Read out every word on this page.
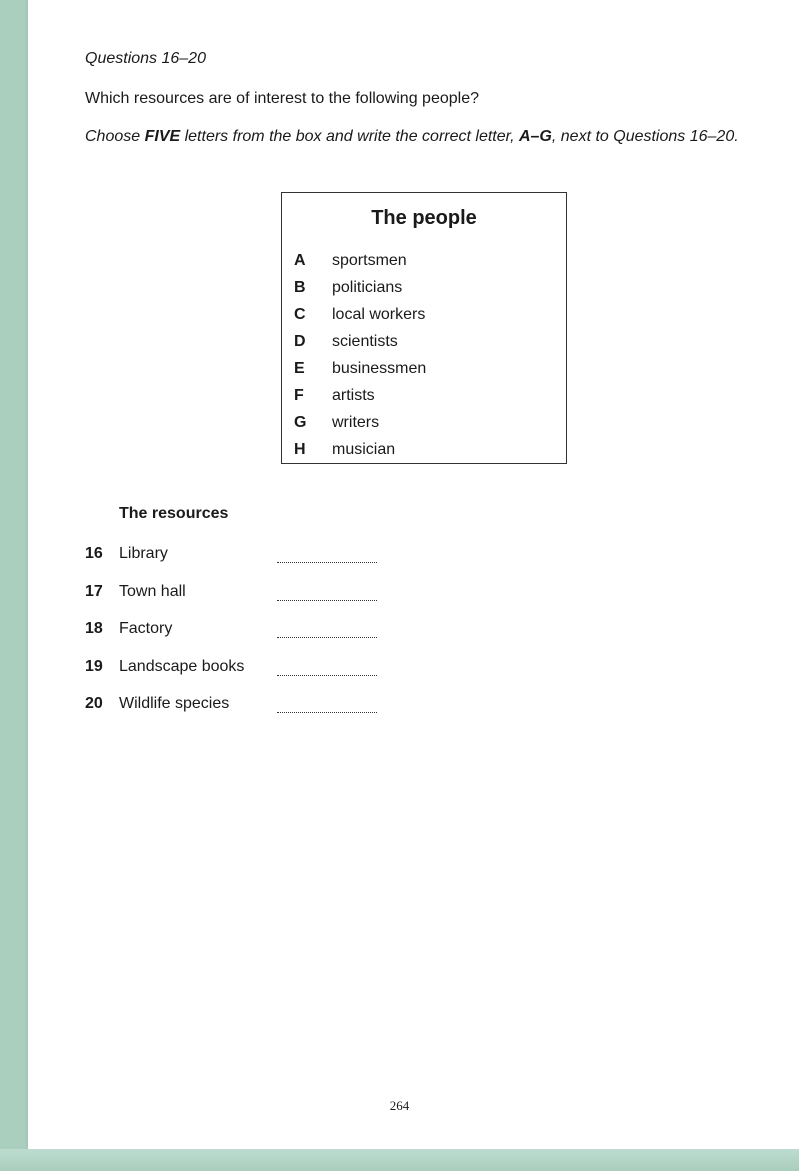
Questions 16–20

Which resources are of interest to the following people?

Choose FIVE letters from the box and write the correct letter, A–G, next to Questions 16–20.

The people

A	sportsmen
B	politicians
C	local workers
D	scientists
E	businessmen
F	artists
G	writers
H	musician

The resources

16 Library
17 Town hall
18 Factory
19 Landscape books
20 Wildlife species

264
